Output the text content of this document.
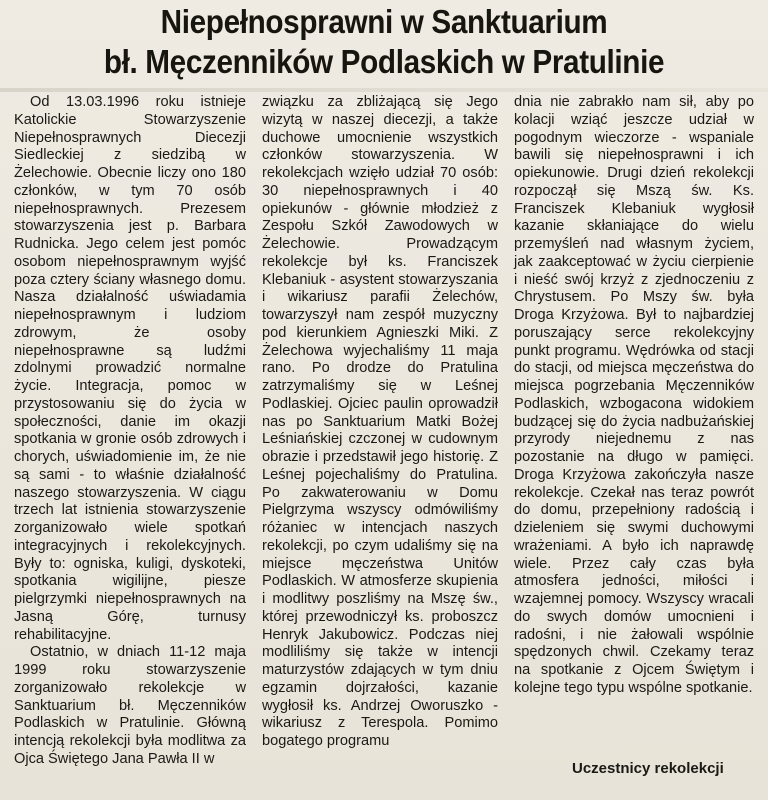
Niepełnosprawni w Sanktuarium
bł. Męczenników Podlaskich w Pratulinie

Od 13.03.1996 roku istnieje Katolickie Stowarzyszenie Niepełnosprawnych Diecezji Siedleckiej z siedzibą w Żelechowie. Obecnie liczy ono 180 członków, w tym 70 osób niepełnosprawnych. Prezesem stowarzyszenia jest p. Barbara Rudnicka. Jego celem jest pomóc osobom niepełnosprawnym wyjść poza cztery ściany własnego domu. Nasza działalność uświadamia niepełnosprawnym i ludziom zdrowym, że osoby niepełnosprawne są ludźmi zdolnymi prowadzić normalne życie. Integracja, pomoc w przystosowaniu się do życia w społeczności, danie im okazji spotkania w gronie osób zdrowych i chorych, uświadomienie im, że nie są sami - to właśnie działalność naszego stowarzyszenia. W ciągu trzech lat istnienia stowarzyszenie zorganizowało wiele spotkań integracyjnych i rekolekcyjnych. Były to: ogniska, kuligi, dyskoteki, spotkania wigilijne, piesze pielgrzymki niepełnosprawnych na Jasną Górę, turnusy rehabilitacyjne.

Ostatnio, w dniach 11-12 maja 1999 roku stowarzyszenie zorganizowało rekolekcje w Sanktuarium bł. Męczenników Podlaskich w Pratulinie. Główną intencją rekolekcji była modlitwa za Ojca Świętego Jana Pawła II w

związku za zbliżającą się Jego wizytą w naszej diecezji, a także duchowe umocnienie wszystkich członków stowarzyszenia. W rekolekcjach wzięło udział 70 osób: 30 niepełnosprawnych i 40 opiekunów - głównie młodzież z Zespołu Szkół Zawodowych w Żelechowie. Prowadzącym rekolekcje był ks. Franciszek Klebaniuk - asystent stowarzyszania i wikariusz parafii Żelechów, towarzyszył nam zespół muzyczny pod kierunkiem Agnieszki Miki. Z Żelechowa wyjechaliśmy 11 maja rano. Po drodze do Pratulina zatrzymaliśmy się w Leśnej Podlaskiej. Ojciec paulin oprowadził nas po Sanktuarium Matki Bożej Leśniańskiej czczonej w cudownym obrazie i przedstawił jego historię. Z Leśnej pojechaliśmy do Pratulina. Po zakwaterowaniu w Domu Pielgrzyma wszyscy odmówiliśmy różaniec w intencjach naszych rekolekcji, po czym udaliśmy się na miejsce męczeństwa Unitów Podlaskich. W atmosferze skupienia i modlitwy poszliśmy na Mszę św., której przewodniczył ks. proboszcz Henryk Jakubowicz. Podczas niej modliliśmy się także w intencji maturzystów zdających w tym dniu egzamin dojrzałości, kazanie wygłosił ks. Andrzej Oworuszko - wikariusz z Terespola. Pomimo bogatego programu

dnia nie zabrakło nam sił, aby po kolacji wziąć jeszcze udział w pogodnym wieczorze - wspaniale bawili się niepełnosprawni i ich opiekunowie. Drugi dzień rekolekcji rozpoczął się Mszą św. Ks. Franciszek Klebaniuk wygłosił kazanie skłaniające do wielu przemyśleń nad własnym życiem, jak zaakceptować w życiu cierpienie i nieść swój krzyż z zjednoczeniu z Chrystusem. Po Mszy św. była Droga Krzyżowa. Był to najbardziej poruszający serce rekolekcyjny punkt programu. Wędrówka od stacji do stacji, od miejsca męczeństwa do miejsca pogrzebania Męczenników Podlaskich, wzbogacona widokiem budzącej się do życia nadbużańskiej przyrody niejednemu z nas pozostanie na długo w pamięci. Droga Krzyżowa zakończyła nasze rekolekcje. Czekał nas teraz powrót do domu, przepełniony radością i dzieleniem się swymi duchowymi wrażeniami. A było ich naprawdę wiele. Przez cały czas była atmosfera jedności, miłości i wzajemnej pomocy. Wszyscy wracali do swych domów umocnieni i radośni, i nie żałowali wspólnie spędzonych chwil. Czekamy teraz na spotkanie z Ojcem Świętym i kolejne tego typu wspólne spotkanie.

Uczestnicy rekolekcji
